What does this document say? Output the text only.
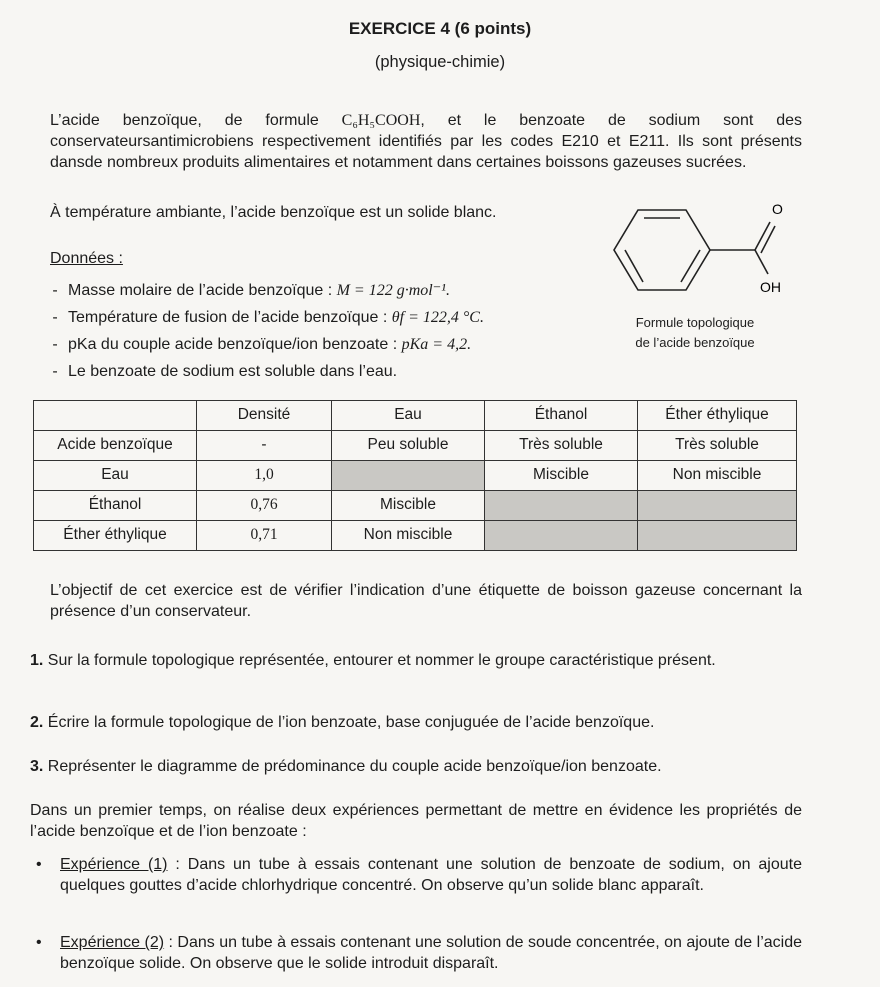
EXERCICE 4 (6 points)
(physique-chimie)
L’acide benzoïque, de formule C₆H₅COOH, et le benzoate de sodium sont des conservateursantimicrobiens respectivement identifiés par les codes E210 et E211. Ils sont présents dansde nombreux produits alimentaires et notamment dans certaines boissons gazeuses sucrées.
À température ambiante, l’acide benzoïque est un solide blanc.
Données :
- Masse molaire de l’acide benzoïque : M = 122 g·mol⁻¹.
- Température de fusion de l’acide benzoïque : θf = 122,4 °C.
- pKa du couple acide benzoïque/ion benzoate : pKa = 4,2.
- Le benzoate de sodium est soluble dans l’eau.
O
OH
Formule topologique
de l’acide benzoïque
	Densité	Eau	Éthanol	Éther éthylique
Acide benzoïque	-	Peu soluble	Très soluble	Très soluble
Eau	1,0		Miscible	Non miscible
Éthanol	0,76	Miscible		
Éther éthylique	0,71	Non miscible		
L’objectif de cet exercice est de vérifier l’indication d’une étiquette de boisson gazeuse concernant la présence d’un conservateur.
1. Sur la formule topologique représentée, entourer et nommer le groupe caractéristique présent.
2. Écrire la formule topologique de l’ion benzoate, base conjuguée de l’acide benzoïque.
3. Représenter le diagramme de prédominance du couple acide benzoïque/ion benzoate.
Dans un premier temps, on réalise deux expériences permettant de mettre en évidence les propriétés de l’acide benzoïque et de l’ion benzoate :
• Expérience (1) : Dans un tube à essais contenant une solution de benzoate de sodium, on ajoute quelques gouttes d’acide chlorhydrique concentré. On observe qu’un solide blanc apparaît.
• Expérience (2) : Dans un tube à essais contenant une solution de soude concentrée, on ajoute de l’acide benzoïque solide. On observe que le solide introduit disparaît.
